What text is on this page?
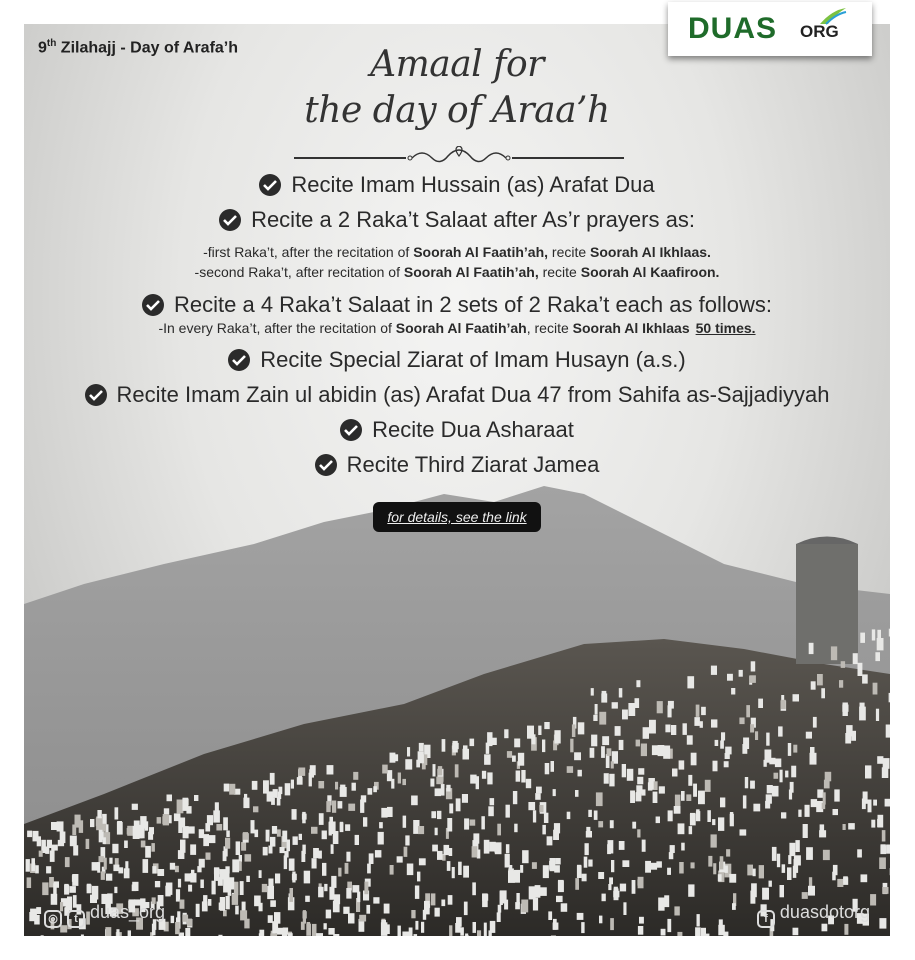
9th Zilahajj - Day of Arafa’h	Amaal for
the day of Araa’h
Recite Imam Hussain (as) Arafat Dua
Recite a 2 Raka’t Salaat after As’r prayers as:
-first Raka’t, after the recitation of Soorah Al Faatih’ah, recite Soorah Al Ikhlaas.
-second Raka’t, after recitation of Soorah Al Faatih’ah, recite Soorah Al Kaafiroon.
Recite a 4 Raka’t Salaat in 2 sets of 2 Raka’t each as follows:
-In every Raka’t, after the recitation of Soorah Al Faatih’ah, recite Soorah Al Ikhlaas 50 times.
Recite Special Ziarat of Imam Husayn (a.s.)
Recite Imam Zain ul abidin (as) Arafat Dua 47 from Sahifa as-Sajjadiyyah
Recite Dua Asharaat
Recite Third Ziarat Jamea
for details, see the link
◎ t duas_org	f duasdotorg
DUAS ORG
